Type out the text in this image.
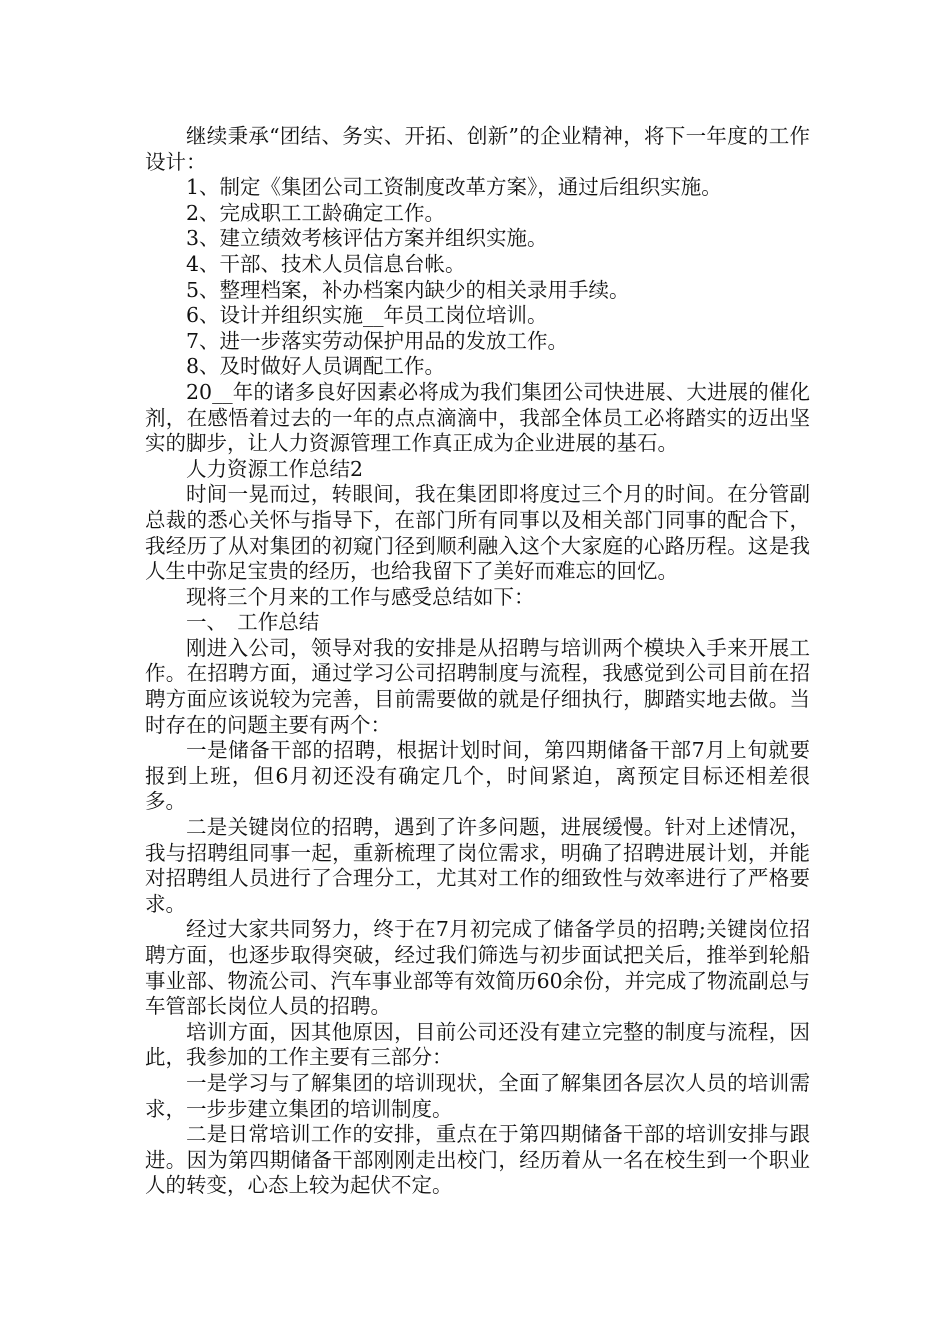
继续秉承“团结、务实、开拓、创新”的企业精神，将下一年度的工作设计：

1、制定《集团公司工资制度改革方案》，通过后组织实施。

2、完成职工工龄确定工作。

3、建立绩效考核评估方案并组织实施。

4、干部、技术人员信息台帐。

5、整理档案，补办档案内缺少的相关录用手续。

6、设计并组织实施__年员工岗位培训。

7、进一步落实劳动保护用品的发放工作。

8、及时做好人员调配工作。

20__年的诸多良好因素必将成为我们集团公司快进展、大进展的催化剂，在感悟着过去的一年的点点滴滴中，我部全体员工必将踏实的迈出坚实的脚步，让人力资源管理工作真正成为企业进展的基石。

人力资源工作总结2

时间一晃而过，转眼间，我在集团即将度过三个月的时间。在分管副总裁的悉心关怀与指导下，在部门所有同事以及相关部门同事的配合下，我经历了从对集团的初窥门径到顺利融入这个大家庭的心路历程。这是我人生中弥足宝贵的经历，也给我留下了美好而难忘的回忆。

现将三个月来的工作与感受总结如下：

一、　工作总结

刚进入公司，领导对我的安排是从招聘与培训两个模块入手来开展工作。在招聘方面，通过学习公司招聘制度与流程，我感觉到公司目前在招聘方面应该说较为完善，目前需要做的就是仔细执行，脚踏实地去做。当时存在的问题主要有两个：

一是储备干部的招聘，根据计划时间，第四期储备干部7月上旬就要报到上班，但6月初还没有确定几个，时间紧迫，离预定目标还相差很多。

二是关键岗位的招聘，遇到了许多问题，进展缓慢。针对上述情况，我与招聘组同事一起，重新梳理了岗位需求，明确了招聘进展计划，并能对招聘组人员进行了合理分工，尤其对工作的细致性与效率进行了严格要求。

经过大家共同努力，终于在7月初完成了储备学员的招聘;关键岗位招聘方面，也逐步取得突破，经过我们筛选与初步面试把关后，推举到轮船事业部、物流公司、汽车事业部等有效简历60余份，并完成了物流副总与车管部长岗位人员的招聘。

培训方面，因其他原因，目前公司还没有建立完整的制度与流程，因此，我参加的工作主要有三部分：

一是学习与了解集团的培训现状，全面了解集团各层次人员的培训需求，一步步建立集团的培训制度。

二是日常培训工作的安排，重点在于第四期储备干部的培训安排与跟进。因为第四期储备干部刚刚走出校门，经历着从一名在校生到一个职业人的转变，心态上较为起伏不定。
